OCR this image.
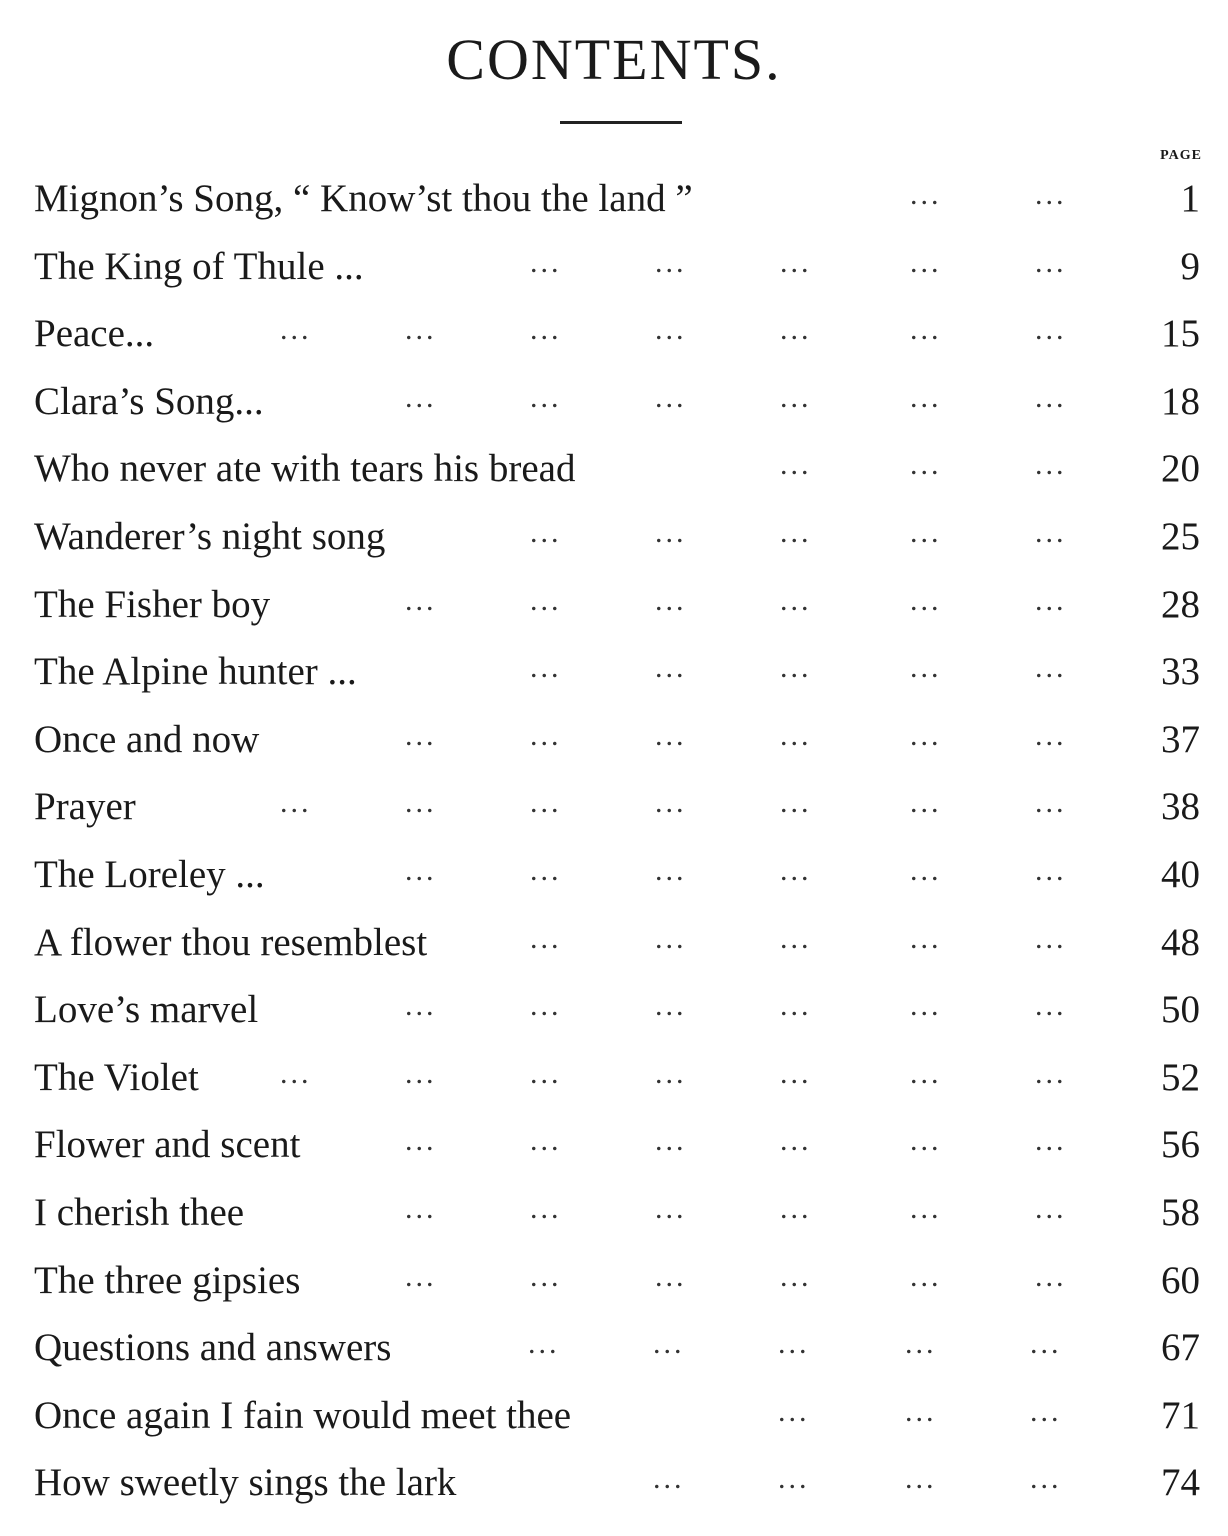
CONTENTS.
PAGE
Mignon’s Song, “ Know’st thou the land ”	...	...	1
The King of Thule ...	...	...	...	...	...	9
Peace...	...	...	...	...	...	...	... 15
Clara’s Song...	...	...	...	...	...	... 18
Who never ate with tears his bread	...	...	... 20
Wanderer’s night song	...	...	...	...	... 25
The Fisher boy	...	...	...	...	...	... 28
The Alpine hunter ...	...	...	...	...	... 33
Once and now	...	...	...	...	...	... 37
Prayer	...	...	...	...	...	...	... 38
The Loreley ...	...	...	...	...	...	... 40
A flower thou resemblest	...	...	...	...	... 48
Love’s marvel	...	...	...	...	...	... 50
The Violet	...	...	...	...	...	...	... 52
Flower and scent	...	...	...	...	...	... 56
I cherish thee	...	...	...	...	...	... 58
The three gipsies	...	...	...	...	...	... 60
Questions and answers	...	...	...	...	...	67
Once again I fain would meet thee	...	...	...	71
How sweetly sings the lark	...	...	...	...	74
